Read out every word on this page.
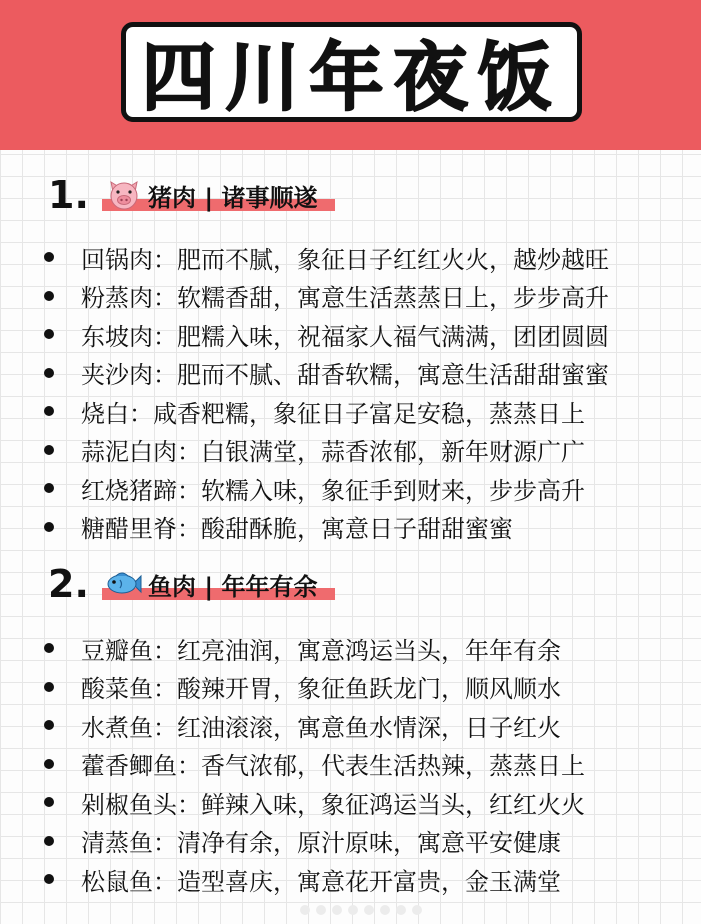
四川年夜饭
1. 猪肉 | 诸事顺遂
回锅肉：肥而不腻，象征日子红红火火，越炒越旺
粉蒸肉：软糯香甜，寓意生活蒸蒸日上，步步高升
东坡肉：肥糯入味，祝福家人福气满满，团团圆圆
夹沙肉：肥而不腻、甜香软糯，寓意生活甜甜蜜蜜
烧白：咸香粑糯，象征日子富足安稳，蒸蒸日上
蒜泥白肉：白银满堂，蒜香浓郁，新年财源广广
红烧猪蹄：软糯入味，象征手到财来，步步高升
糖醋里脊：酸甜酥脆，寓意日子甜甜蜜蜜
2. 鱼肉 | 年年有余
豆瓣鱼：红亮油润，寓意鸿运当头，年年有余
酸菜鱼：酸辣开胃，象征鱼跃龙门，顺风顺水
水煮鱼：红油滚滚，寓意鱼水情深，日子红火
藿香鲫鱼：香气浓郁，代表生活热辣，蒸蒸日上
剁椒鱼头：鲜辣入味，象征鸿运当头，红红火火
清蒸鱼：清净有余，原汁原味，寓意平安健康
松鼠鱼：造型喜庆，寓意花开富贵，金玉满堂
